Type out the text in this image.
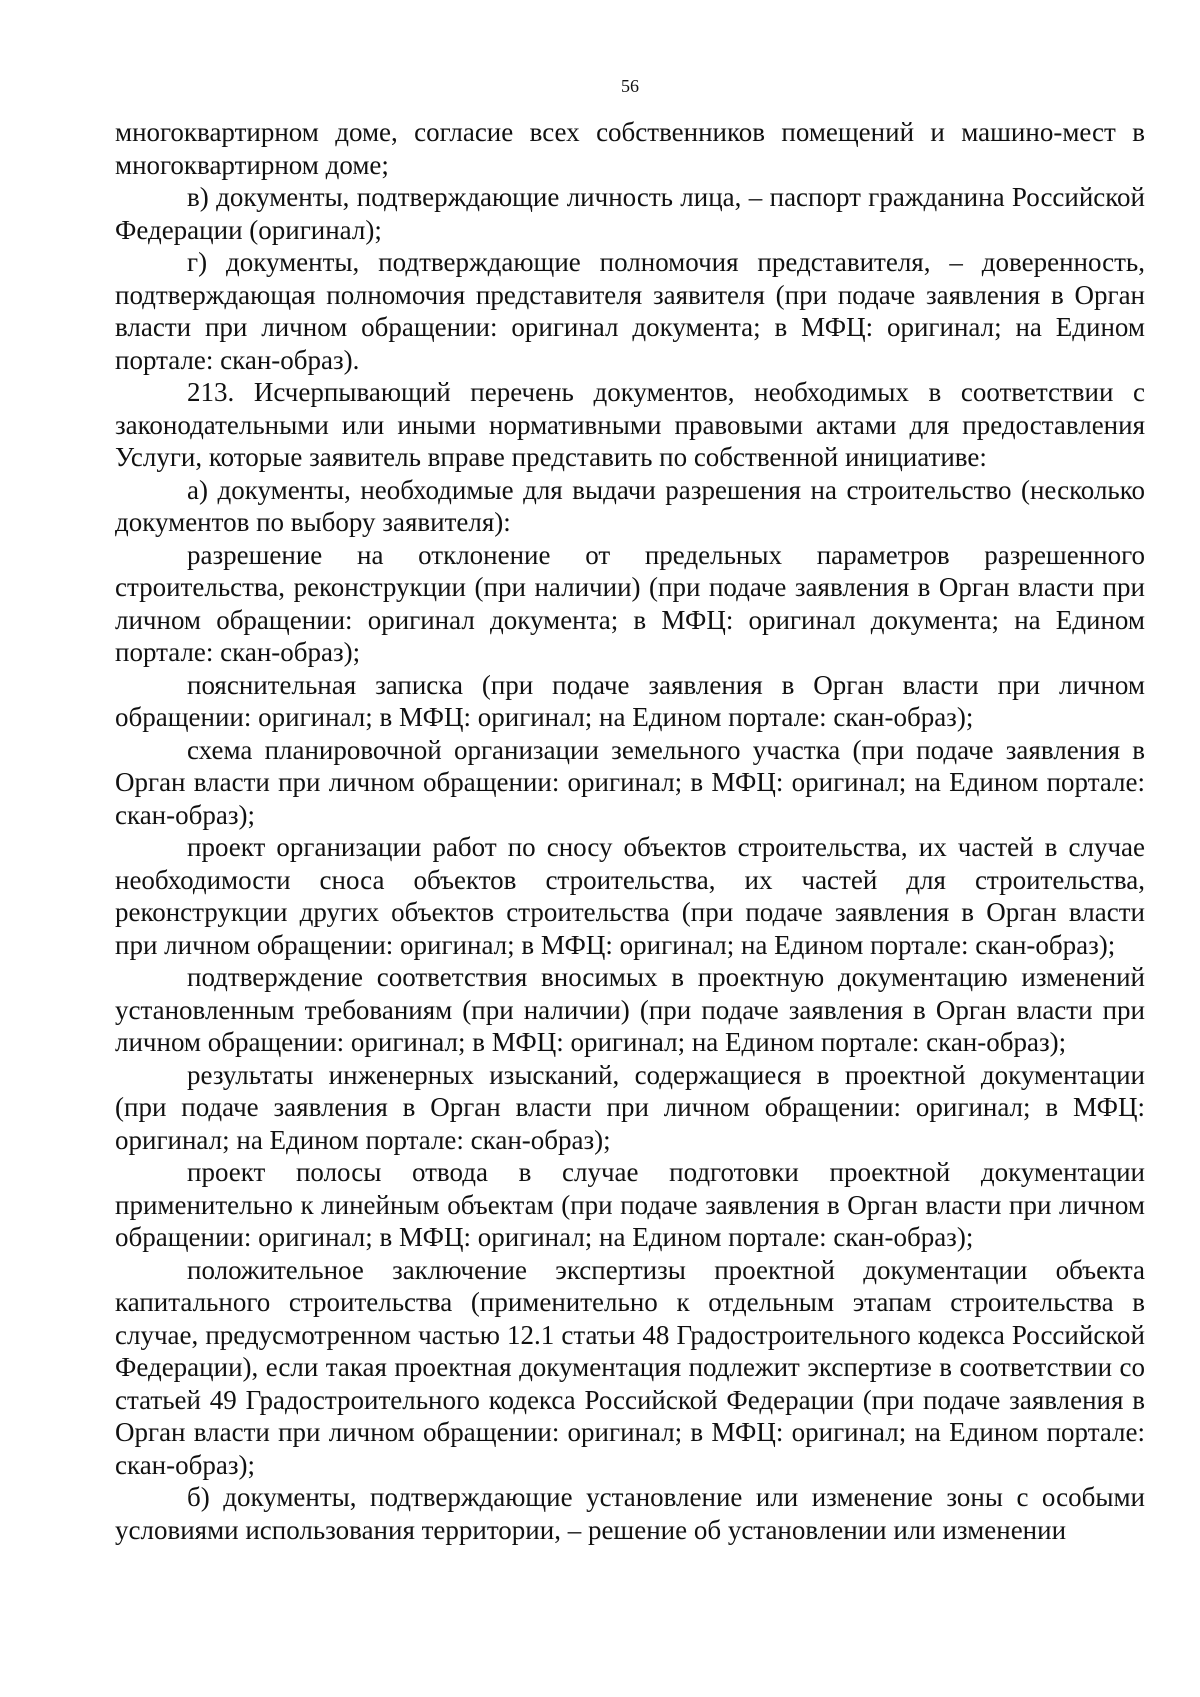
56

многоквартирном доме, согласие всех собственников помещений и машино-мест в многоквартирном доме;

в) документы, подтверждающие личность лица, – паспорт гражданина Российской Федерации (оригинал);

г) документы, подтверждающие полномочия представителя, – доверенность, подтверждающая полномочия представителя заявителя (при подаче заявления в Орган власти при личном обращении: оригинал документа; в МФЦ: оригинал; на Едином портале: скан-образ).

213. Исчерпывающий перечень документов, необходимых в соответствии с законодательными или иными нормативными правовыми актами для предоставления Услуги, которые заявитель вправе представить по собственной инициативе:

а) документы, необходимые для выдачи разрешения на строительство (несколько документов по выбору заявителя):

разрешение на отклонение от предельных параметров разрешенного строительства, реконструкции (при наличии) (при подаче заявления в Орган власти при личном обращении: оригинал документа; в МФЦ: оригинал документа; на Едином портале: скан-образ);

пояснительная записка (при подаче заявления в Орган власти при личном обращении: оригинал; в МФЦ: оригинал; на Едином портале: скан-образ);

схема планировочной организации земельного участка (при подаче заявления в Орган власти при личном обращении: оригинал; в МФЦ: оригинал; на Едином портале: скан-образ);

проект организации работ по сносу объектов строительства, их частей в случае необходимости сноса объектов строительства, их частей для строительства, реконструкции других объектов строительства (при подаче заявления в Орган власти при личном обращении: оригинал; в МФЦ: оригинал; на Едином портале: скан-образ);

подтверждение соответствия вносимых в проектную документацию изменений установленным требованиям (при наличии) (при подаче заявления в Орган власти при личном обращении: оригинал; в МФЦ: оригинал; на Едином портале: скан-образ);

результаты инженерных изысканий, содержащиеся в проектной документации (при подаче заявления в Орган власти при личном обращении: оригинал; в МФЦ: оригинал; на Едином портале: скан-образ);

проект полосы отвода в случае подготовки проектной документации применительно к линейным объектам (при подаче заявления в Орган власти при личном обращении: оригинал; в МФЦ: оригинал; на Едином портале: скан-образ);

положительное заключение экспертизы проектной документации объекта капитального строительства (применительно к отдельным этапам строительства в случае, предусмотренном частью 12.1 статьи 48 Градостроительного кодекса Российской Федерации), если такая проектная документация подлежит экспертизе в соответствии со статьей 49 Градостроительного кодекса Российской Федерации (при подаче заявления в Орган власти при личном обращении: оригинал; в МФЦ: оригинал; на Едином портале: скан-образ);

б) документы, подтверждающие установление или изменение зоны с особыми условиями использования территории, – решение об установлении или изменении
